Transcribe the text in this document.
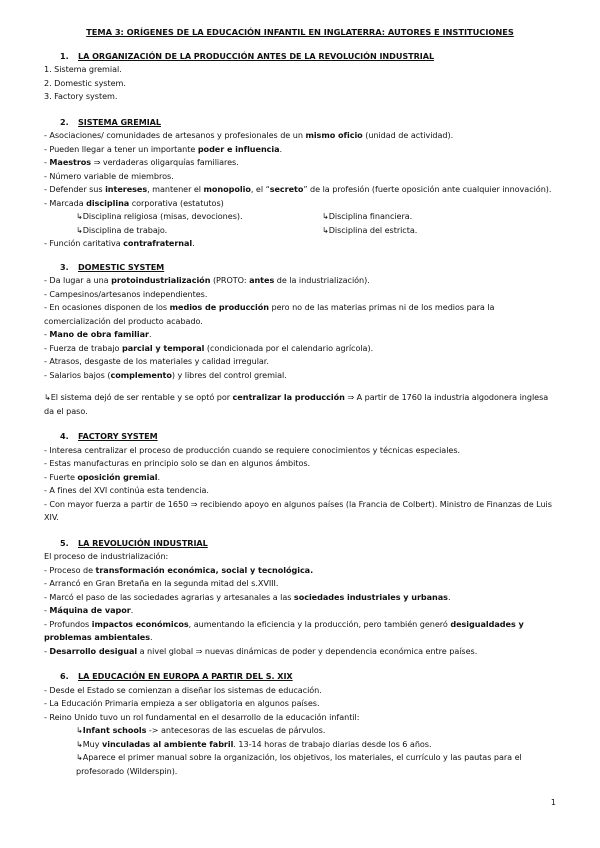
TEMA 3: ORÍGENES DE LA EDUCACIÓN INFANTIL EN INGLATERRA: AUTORES E INSTITUCIONES
1.	LA ORGANIZACIÓN DE LA PRODUCCIÓN ANTES DE LA REVOLUCIÓN INDUSTRIAL
1. Sistema gremial.
2. Domestic system.
3. Factory system.
2.	SISTEMA GREMIAL
- Asociaciones/ comunidades de artesanos y profesionales de un mismo oficio (unidad de actividad).
- Pueden llegar a tener un importante poder e influencia.
- Maestros ⇒ verdaderas oligarquías familiares.
- Número variable de miembros.
- Defender sus intereses, mantener el monopolio, el “secreto” de la profesión (fuerte oposición ante cualquier innovación).
- Marcada disciplina corporativa (estatutos)
↳Disciplina religiosa (misas, devociones).	↳Disciplina financiera.
↳Disciplina de trabajo.	↳Disciplina del estricta.
- Función caritativa contrafraternal.
3.	DOMESTIC SYSTEM
- Da lugar a una protoindustrialización (PROTO: antes de la industrialización).
- Campesinos/artesanos independientes.
- En ocasiones disponen de los medios de producción pero no de las materias primas ni de los medios para la comercialización del producto acabado.
- Mano de obra familiar.
- Fuerza de trabajo parcial y temporal (condicionada por el calendario agrícola).
- Atrasos, desgaste de los materiales y calidad irregular.
- Salarios bajos (complemento) y libres del control gremial.
↳El sistema dejó de ser rentable y se optó por centralizar la producción ⇒ A partir de 1760 la industria algodonera inglesa da el paso.
4.	FACTORY SYSTEM
- Interesa centralizar el proceso de producción cuando se requiere conocimientos y técnicas especiales.
- Estas manufacturas en principio solo se dan en algunos ámbitos.
- Fuerte oposición gremial.
- A fines del XVI continúa esta tendencia.
- Con mayor fuerza a partir de 1650 ⇒ recibiendo apoyo en algunos países (la Francia de Colbert). Ministro de Finanzas de Luis XIV.
5.	LA REVOLUCIÓN INDUSTRIAL
El proceso de industrialización:
- Proceso de transformación económica, social y tecnológica.
- Arrancó en Gran Bretaña en la segunda mitad del s.XVIII.
- Marcó el paso de las sociedades agrarias y artesanales a las sociedades industriales y urbanas.
- Máquina de vapor.
- Profundos impactos económicos, aumentando la eficiencia y la producción, pero también generó desigualdades y problemas ambientales.
- Desarrollo desigual a nivel global ⇒ nuevas dinámicas de poder y dependencia económica entre países.
6.	LA EDUCACIÓN EN EUROPA A PARTIR DEL S. XIX
- Desde el Estado se comienzan a diseñar los sistemas de educación.
- La Educación Primaria empieza a ser obligatoria en algunos países.
- Reino Unido tuvo un rol fundamental en el desarrollo de la educación infantil:
↳Infant schools -> antecesoras de las escuelas de párvulos.
↳Muy vinculadas al ambiente fabril. 13-14 horas de trabajo diarias desde los 6 años.
↳Aparece el primer manual sobre la organización, los objetivos, los materiales, el currículo y las pautas para el profesorado (Wilderspin).
1
